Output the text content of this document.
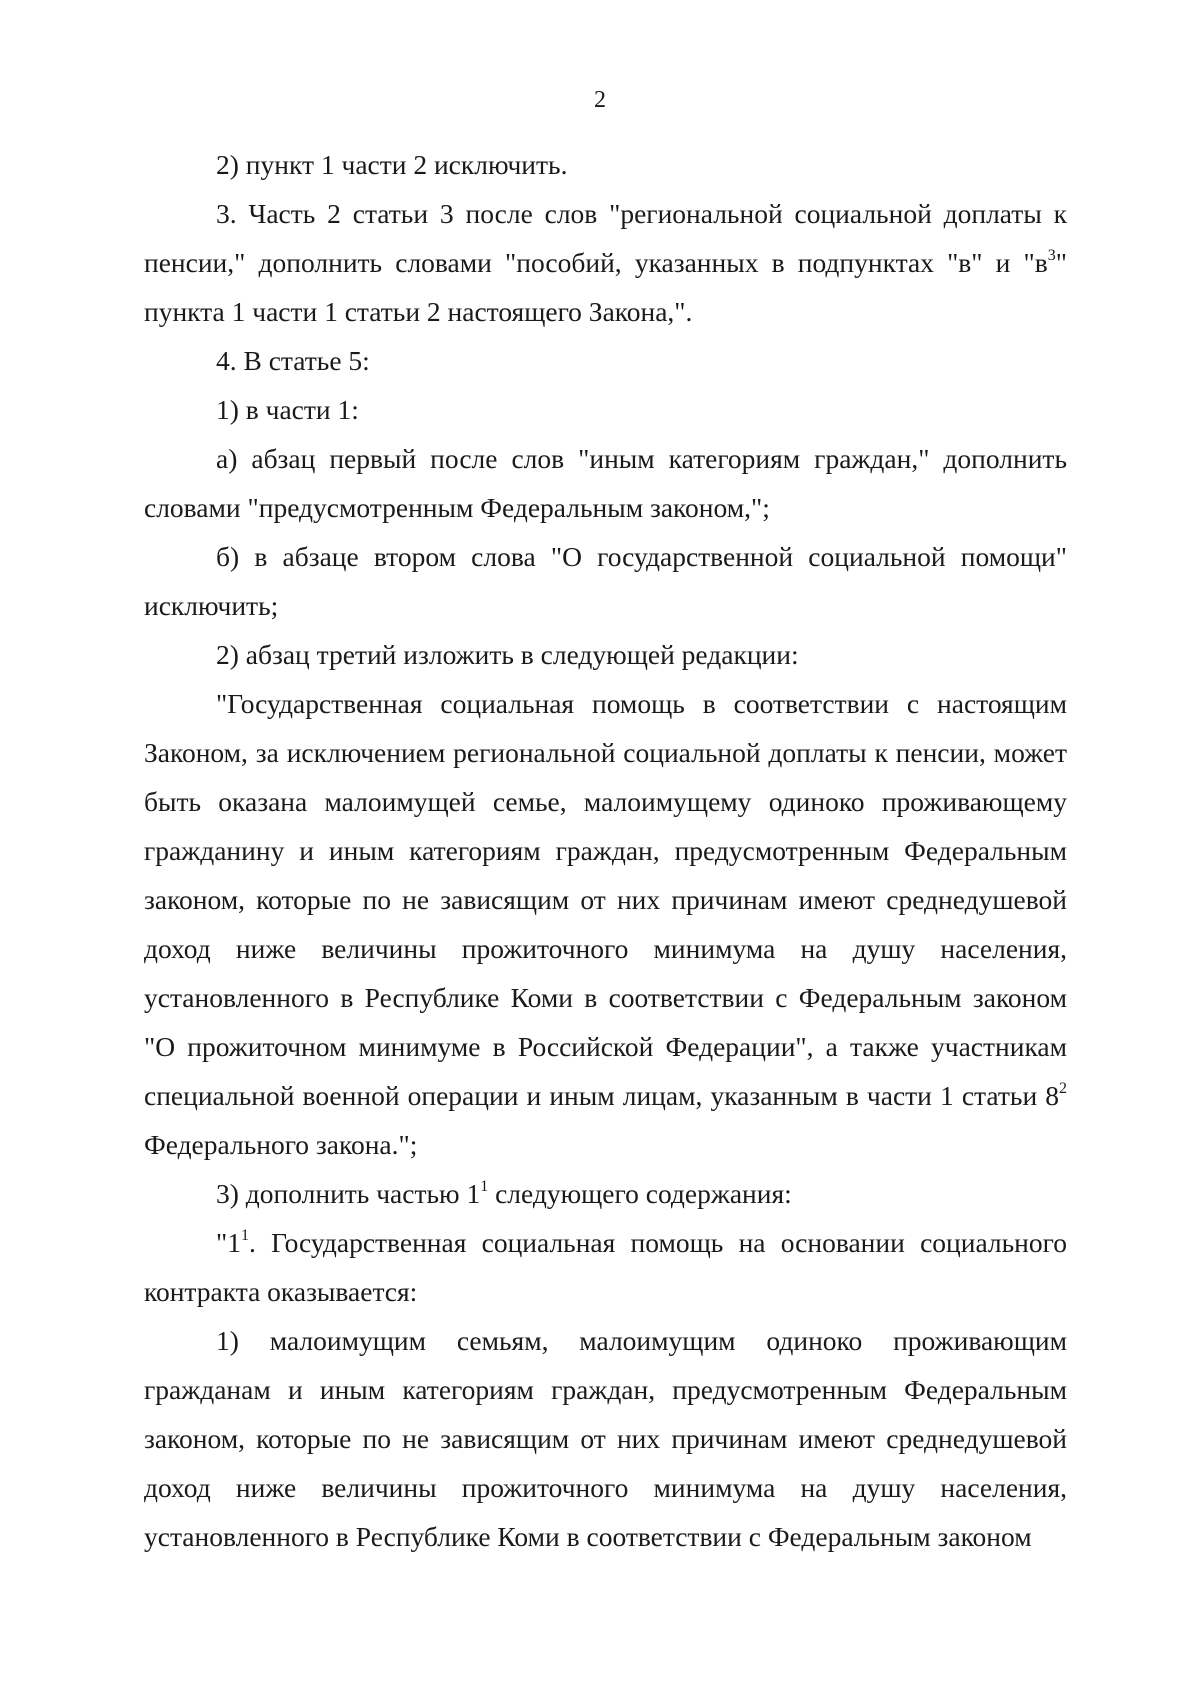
2

2) пункт 1 части 2 исключить.

3. Часть 2 статьи 3 после слов "региональной социальной доплаты к пенсии," дополнить словами "пособий, указанных в подпунктах "в" и "$в^3$" пункта 1 части 1 статьи 2 настоящего Закона,".

4. В статье 5:

1) в части 1:

а) абзац первый после слов "иным категориям граждан," дополнить словами "предусмотренным Федеральным законом,";

б) в абзаце втором слова "О государственной социальной помощи" исключить;

2) абзац третий изложить в следующей редакции:

"Государственная социальная помощь в соответствии с настоящим Законом, за исключением региональной социальной доплаты к пенсии, может быть оказана малоимущей семье, малоимущему одиноко проживающему гражданину и иным категориям граждан, предусмотренным Федеральным законом, которые по не зависящим от них причинам имеют среднедушевой доход ниже величины прожиточного минимума на душу населения, установленного в Республике Коми в соответствии с Федеральным законом "О прожиточном минимуме в Российской Федерации", а также участникам специальной военной операции и иным лицам, указанным в части 1 статьи $8^2$ Федерального закона.";

3) дополнить частью $1^1$ следующего содержания:

"$1^1$. Государственная социальная помощь на основании социального контракта оказывается:

1) малоимущим семьям, малоимущим одиноко проживающим гражданам и иным категориям граждан, предусмотренным Федеральным законом, которые по не зависящим от них причинам имеют среднедушевой доход ниже величины прожиточного минимума на душу населения, установленного в Республике Коми в соответствии с Федеральным законом
